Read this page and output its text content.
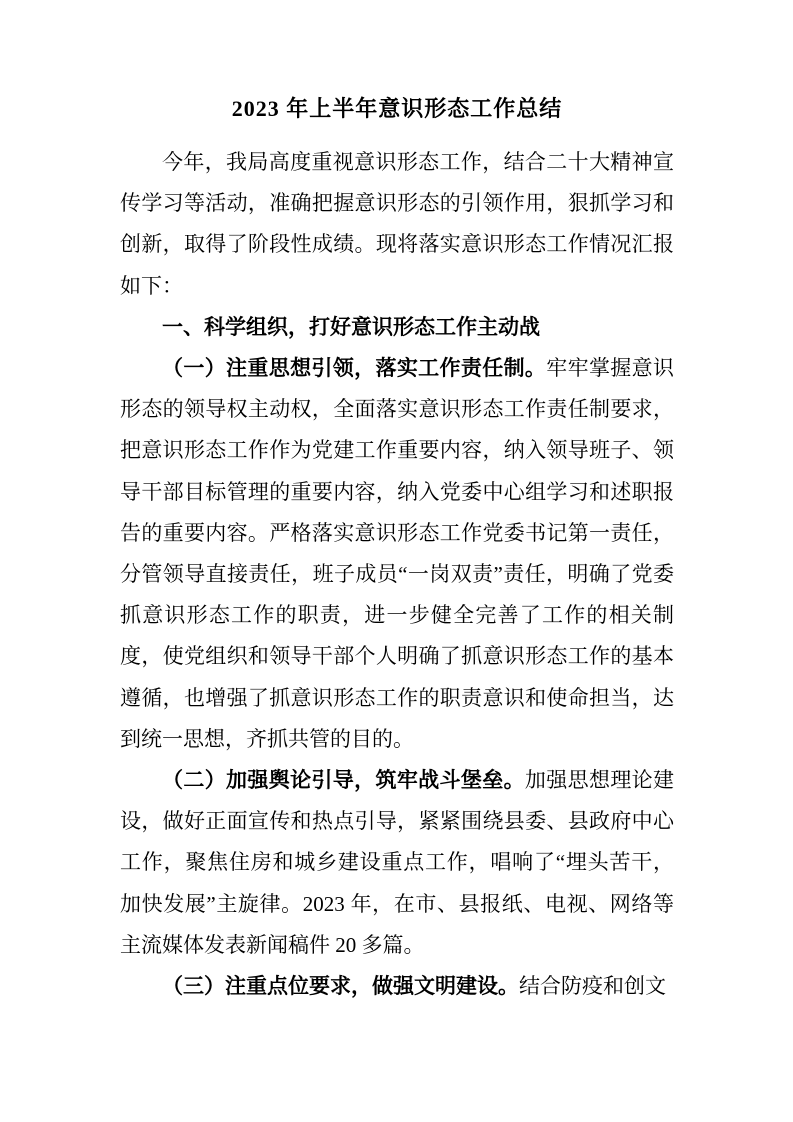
2023 年上半年意识形态工作总结

今年，我局高度重视意识形态工作，结合二十大精神宣传学习等活动，准确把握意识形态的引领作用，狠抓学习和创新，取得了阶段性成绩。现将落实意识形态工作情况汇报如下：

一、科学组织，打好意识形态工作主动战

（一）注重思想引领，落实工作责任制。牢牢掌握意识形态的领导权主动权，全面落实意识形态工作责任制要求，把意识形态工作作为党建工作重要内容，纳入领导班子、领导干部目标管理的重要内容，纳入党委中心组学习和述职报告的重要内容。严格落实意识形态工作党委书记第一责任，分管领导直接责任，班子成员“一岗双责”责任，明确了党委抓意识形态工作的职责，进一步健全完善了工作的相关制度，使党组织和领导干部个人明确了抓意识形态工作的基本遵循，也增强了抓意识形态工作的职责意识和使命担当，达到统一思想，齐抓共管的目的。

（二）加强舆论引导，筑牢战斗堡垒。加强思想理论建设，做好正面宣传和热点引导，紧紧围绕县委、县政府中心工作，聚焦住房和城乡建设重点工作，唱响了“埋头苦干，加快发展”主旋律。2023 年，在市、县报纸、电视、网络等主流媒体发表新闻稿件 20 多篇。

（三）注重点位要求，做强文明建设。结合防疫和创文
